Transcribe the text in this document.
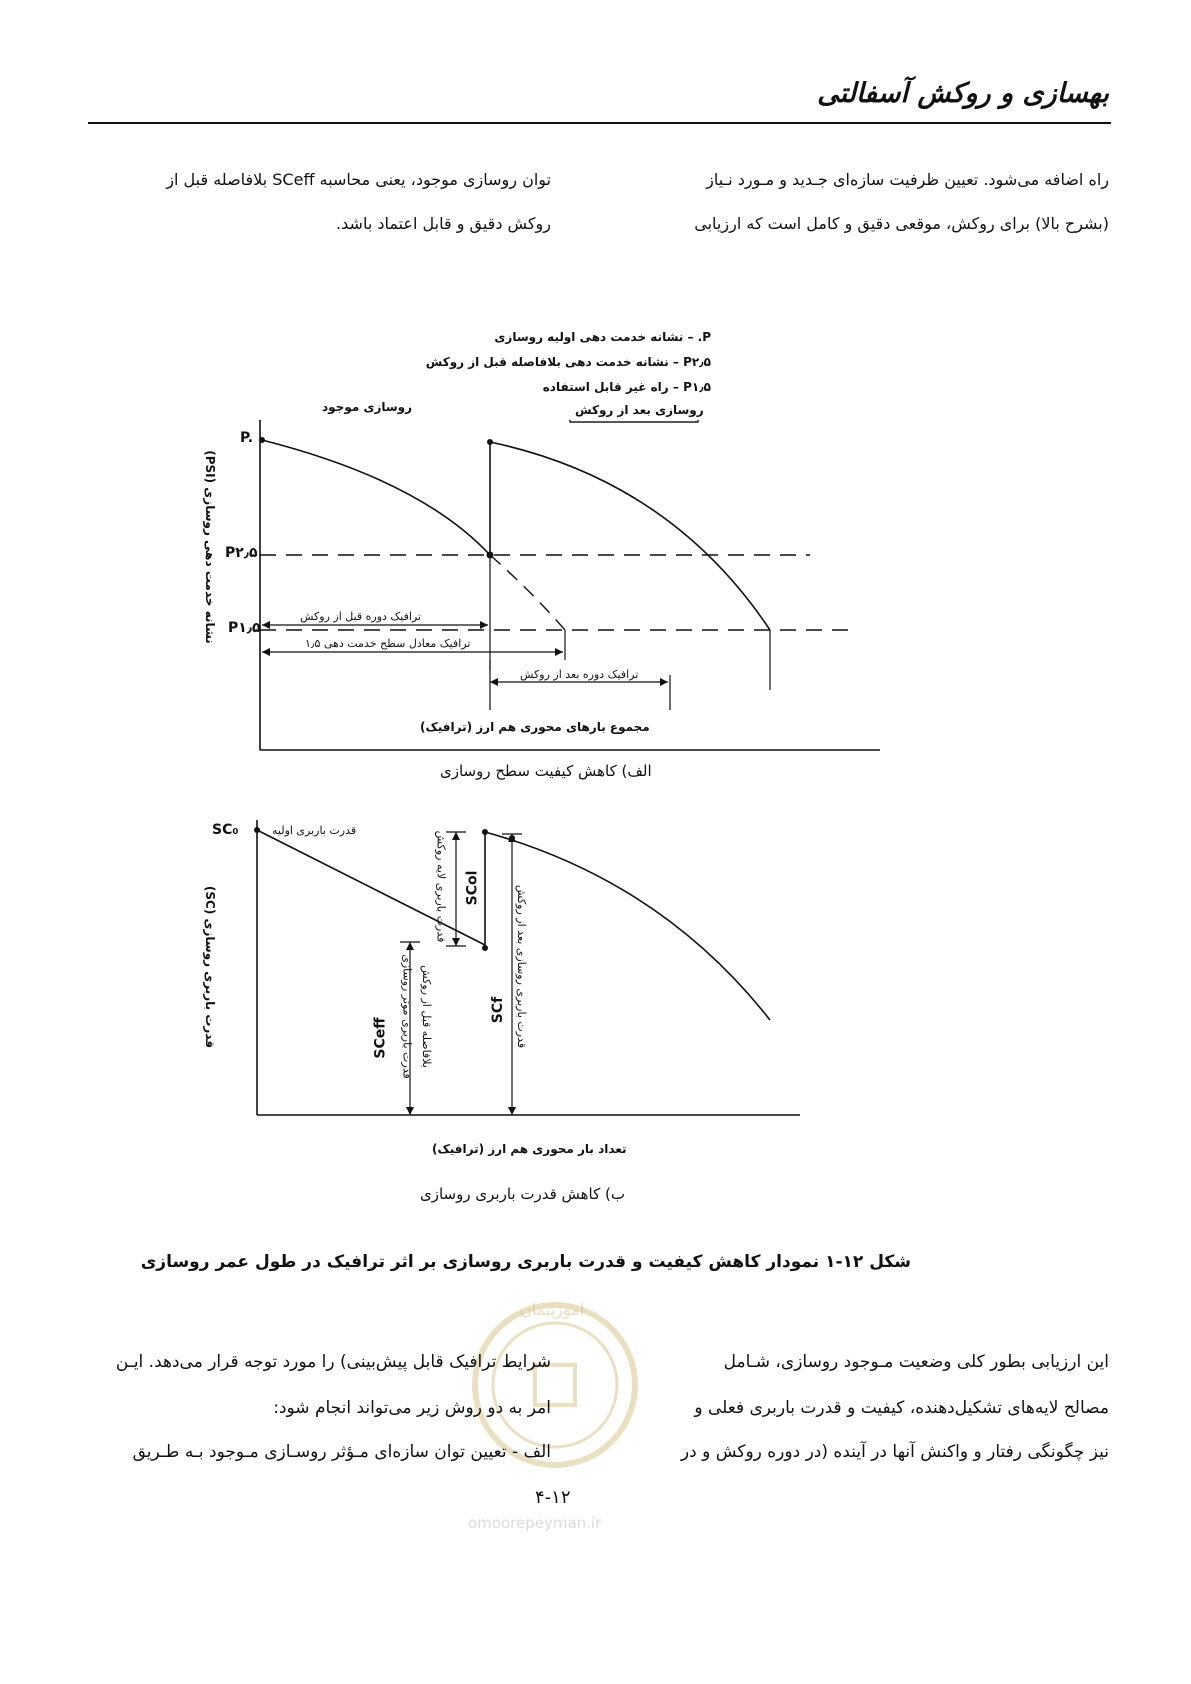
بهسازی و روکش آسفالتی
راه اضافه می‌شود. تعیین ظرفیت سازه‌ای جـدید و مـورد نـیاز
(بشرح بالا) برای روکش، موقعی دقیق و کامل است که ارزیابی
توان روسازی موجود، یعنی محاسبه SCeff بلافاصله قبل از
روکش دقیق و قابل اعتماد باشد.
P. – نشانه خدمت دهی اولیه روسازی
P۲٫۵ – نشانه خدمت دهی بلافاصله قبل از روکش
P۱٫۵ – راه غیر قابل استفاده
روسازی موجود	روسازی بعد از روکش
P.
P۲٫۵
P۱٫۵
ترافیک دوره قبل از روکش
ترافیک معادل سطح خدمت دهی ۱٫۵
ترافیک دوره بعد از روکش
نشانه خدمت دهی روسازی (PSI)
مجموع بارهای محوری هم ارز (ترافیک)
الف) کاهش کیفیت سطح روسازی
SC₀	قدرت باربری اولیه
SCol
قدرت باربری لایه روکش
SCeff قدرت باربری موثر روسازی بلافاصله قبل از روکش	SCf قدرت باربری روسازی بعد از روکش
قدرت باربری روسازی (SC)
تعداد بار محوری هم ارز (ترافیک)
ب) کاهش قدرت باربری روسازی
شکل ۱۲-۱ نمودار کاهش کیفیت و قدرت باربری روسازی بر اثر ترافیک در طول عمر روسازی
امورپیمان
این ارزیابی بطور کلی وضعیت مـوجود روسازی، شـامل
مصالح لایه‌های تشکیل‌دهنده، کیفیت و قدرت باربری فعلی و
نیز چگونگی رفتار و واکنش آنها در آینده (در دوره روکش و در
شرایط ترافیک قابل پیش‌بینی) را مورد توجه قرار می‌دهد. ایـن
امر به دو روش زیر می‌تواند انجام شود:
الف - تعیین توان سازه‌ای مـؤثر روسـازی مـوجود بـه طـریق
۴-۱۲
omoorepeyman.ir
